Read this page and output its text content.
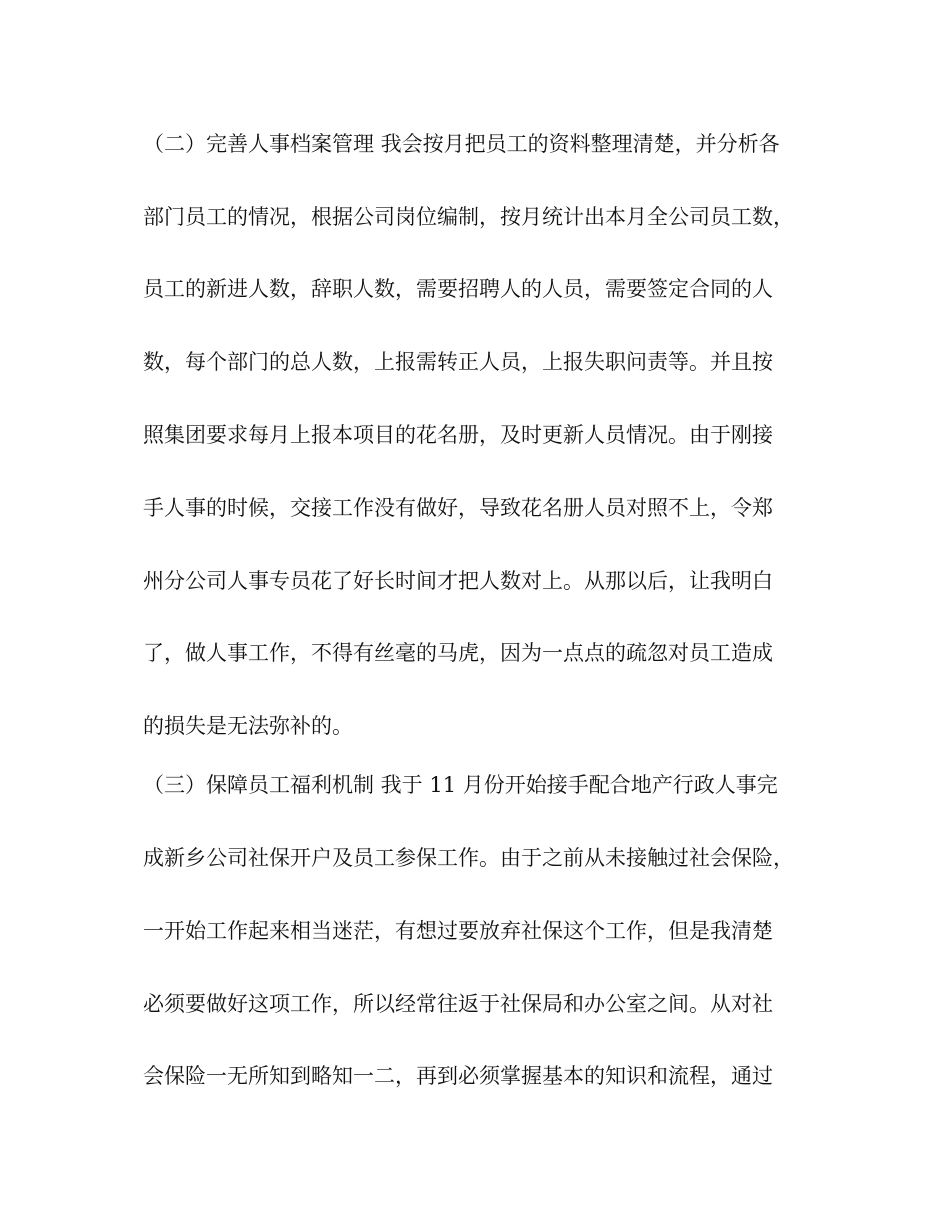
（二）完善人事档案管理 我会按月把员工的资料整理清楚，并分析各
部门员工的情况，根据公司岗位编制，按月统计出本月全公司员工数，
员工的新进人数，辞职人数，需要招聘人的人员，需要签定合同的人
数，每个部门的总人数，上报需转正人员，上报失职问责等。并且按
照集团要求每月上报本项目的花名册，及时更新人员情况。由于刚接
手人事的时候，交接工作没有做好，导致花名册人员对照不上，令郑
州分公司人事专员花了好长时间才把人数对上。从那以后，让我明白
了，做人事工作，不得有丝毫的马虎，因为一点点的疏忽对员工造成
的损失是无法弥补的。
（三）保障员工福利机制 我于 11 月份开始接手配合地产行政人事完
成新乡公司社保开户及员工参保工作。由于之前从未接触过社会保险，
一开始工作起来相当迷茫，有想过要放弃社保这个工作，但是我清楚
必须要做好这项工作，所以经常往返于社保局和办公室之间。从对社
会保险一无所知到略知一二，再到必须掌握基本的知识和流程，通过
